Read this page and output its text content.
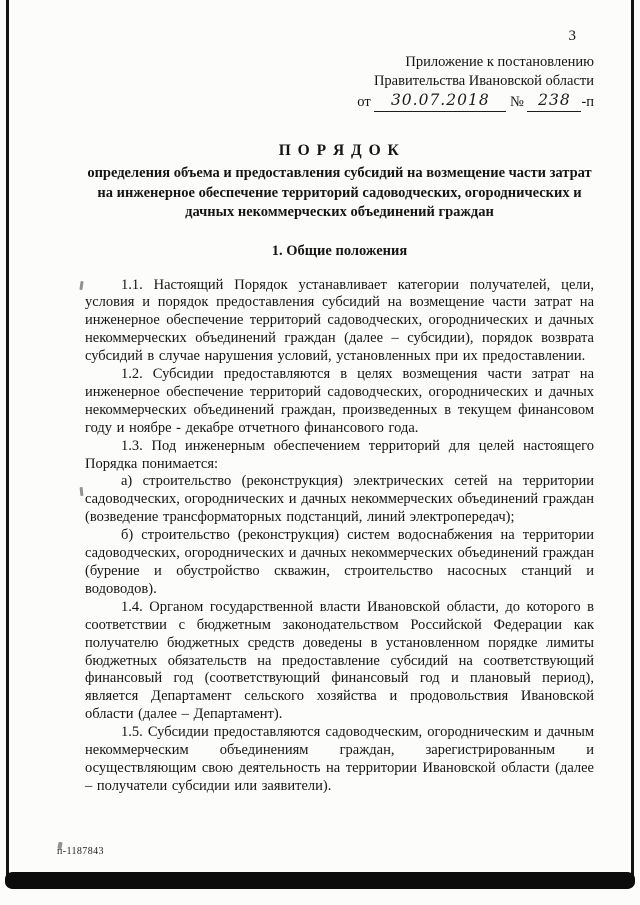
3
Приложение к постановлению
Правительства Ивановской области
от 30.07.2018 № 238 -п
П О Р Я Д О К
определения объема и предоставления субсидий на возмещение части затрат на инженерное обеспечение территорий садоводческих, огороднических и дачных некоммерческих объединений граждан
1. Общие положения

1.1. Настоящий Порядок устанавливает категории получателей, цели, условия и порядок предоставления субсидий на возмещение части затрат на инженерное обеспечение территорий садоводческих, огороднических и дачных некоммерческих объединений граждан (далее – субсидии), порядок возврата субсидий в случае нарушения условий, установленных при их предоставлении.

1.2. Субсидии предоставляются в целях возмещения части затрат на инженерное обеспечение территорий садоводческих, огороднических и дачных некоммерческих объединений граждан, произведенных в текущем финансовом году и ноябре - декабре отчетного финансового года.

1.3. Под инженерным обеспечением территорий для целей настоящего Порядка понимается:

а) строительство (реконструкция) электрических сетей на территории садоводческих, огороднических и дачных некоммерческих объединений граждан (возведение трансформаторных подстанций, линий электропередач);

б) строительство (реконструкция) систем водоснабжения на территории садоводческих, огороднических и дачных некоммерческих объединений граждан (бурение и обустройство скважин, строительство насосных станций и водоводов).

1.4. Органом государственной власти Ивановской области, до которого в соответствии с бюджетным законодательством Российской Федерации как получателю бюджетных средств доведены в установленном порядке лимиты бюджетных обязательств на предоставление субсидий на соответствующий финансовый год (соответствующий финансовый год и плановый период), является Департамент сельского хозяйства и продовольствия Ивановской области (далее – Департамент).

1.5. Субсидии предоставляются садоводческим, огородническим и дачным некоммерческим объединениям граждан, зарегистрированным и осуществляющим свою деятельность на территории Ивановской области (далее – получатели субсидии или заявители).

п-1187843
